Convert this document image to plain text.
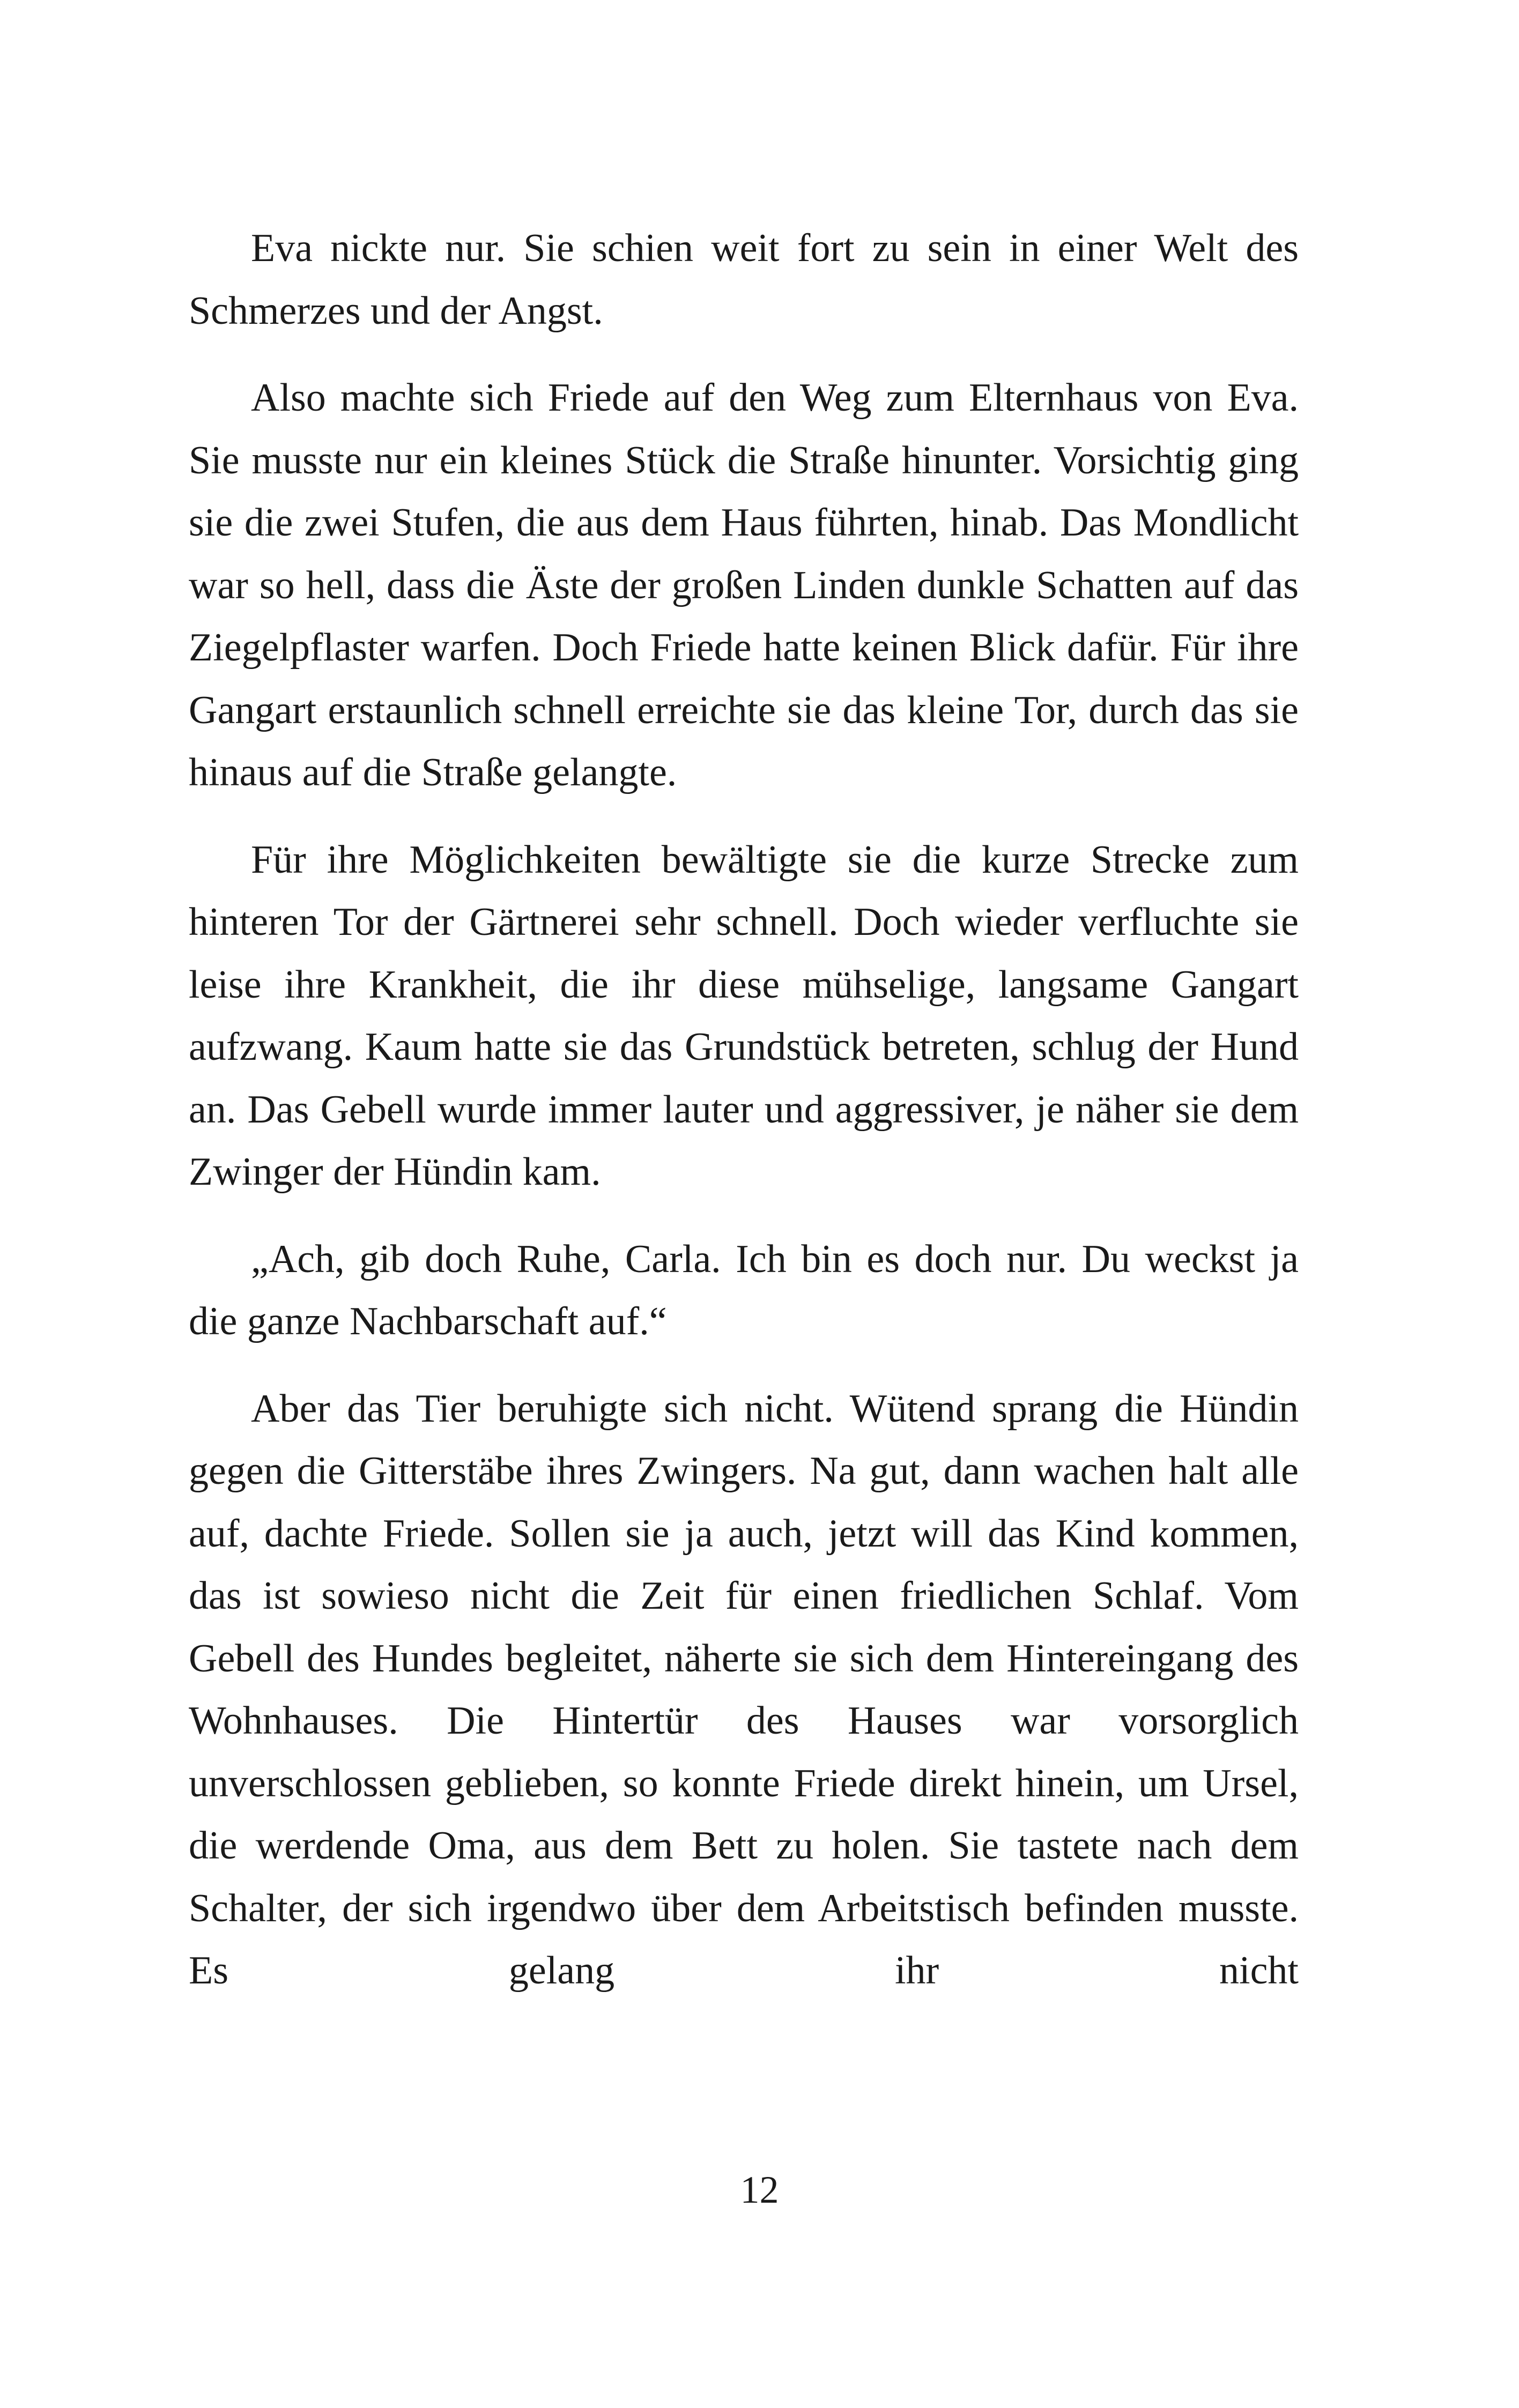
Eva nickte nur. Sie schien weit fort zu sein in einer Welt des Schmerzes und der Angst.

Also machte sich Friede auf den Weg zum Elternhaus von Eva. Sie musste nur ein kleines Stück die Straße hinunter. Vorsichtig ging sie die zwei Stufen, die aus dem Haus führten, hinab. Das Mondlicht war so hell, dass die Äste der großen Linden dunkle Schatten auf das Ziegelpflaster warfen. Doch Friede hatte keinen Blick dafür. Für ihre Gangart erstaunlich schnell erreichte sie das kleine Tor, durch das sie hinaus auf die Straße gelangte.

Für ihre Möglichkeiten bewältigte sie die kurze Strecke zum hinteren Tor der Gärtnerei sehr schnell. Doch wieder verfluchte sie leise ihre Krankheit, die ihr diese mühselige, langsame Gangart aufzwang. Kaum hatte sie das Grundstück betreten, schlug der Hund an. Das Gebell wurde immer lauter und aggressiver, je näher sie dem Zwinger der Hündin kam.

„Ach, gib doch Ruhe, Carla. Ich bin es doch nur. Du weckst ja die ganze Nachbarschaft auf.“

Aber das Tier beruhigte sich nicht. Wütend sprang die Hündin gegen die Gitterstäbe ihres Zwingers. Na gut, dann wachen halt alle auf, dachte Friede. Sollen sie ja auch, jetzt will das Kind kommen, das ist sowieso nicht die Zeit für einen friedlichen Schlaf. Vom Gebell des Hundes begleitet, näherte sie sich dem Hintereingang des Wohnhauses. Die Hintertür des Hauses war vorsorglich unverschlossen geblieben, so konnte Friede direkt hinein, um Ursel, die werdende Oma, aus dem Bett zu holen. Sie tastete nach dem Schalter, der sich irgendwo über dem Arbeitstisch befinden musste. Es gelang ihr nicht

12
